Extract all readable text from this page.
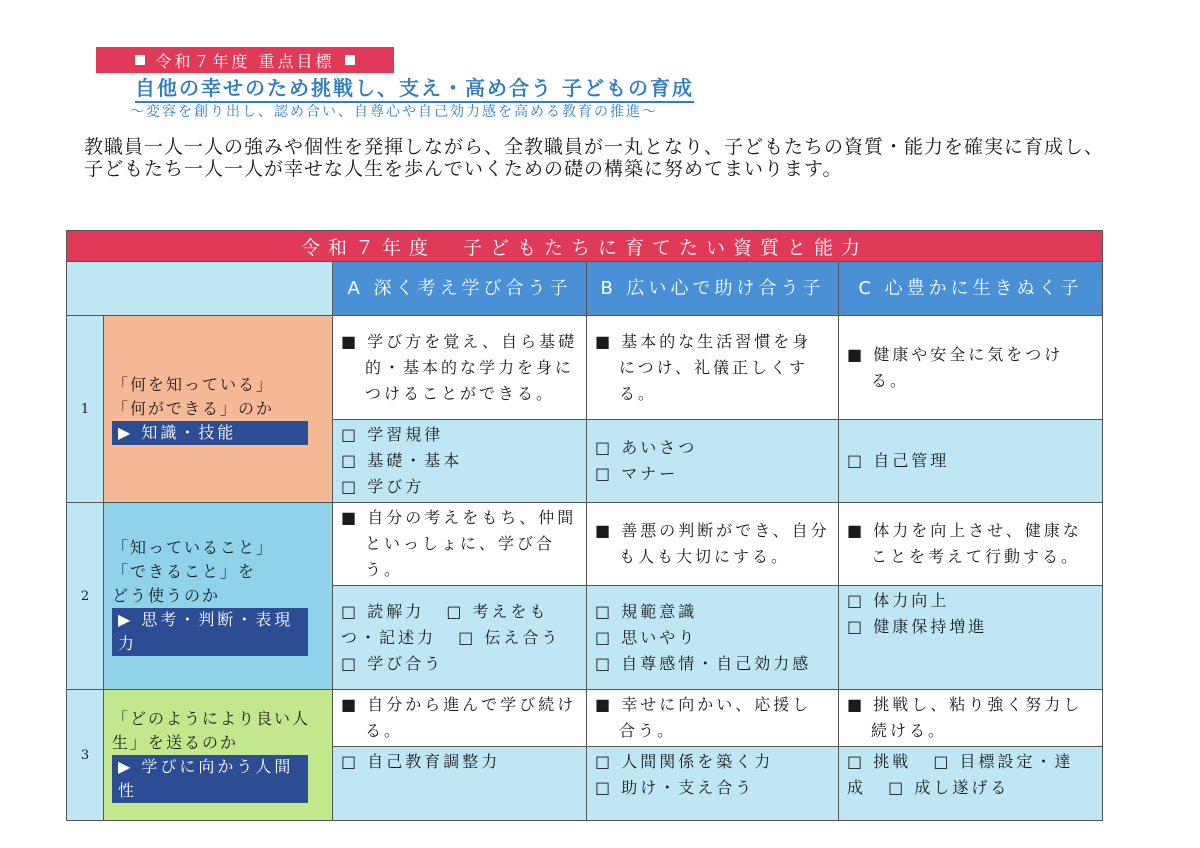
令和７年度 重点目標
自他の幸せのため挑戦し、支え・高め合う 子どもの育成
～変容を創り出し、認め合い、自尊心や自己効力感を高める教育の推進～
教職員一人一人の強みや個性を発揮しながら、全教職員が一丸となり、子どもたちの資質・能力を確実に育成し、子どもたち一人一人が幸せな人生を歩んでいくための礎の構築に努めてまいります。
令和７年度　子どもたちに育てたい資質と能力				
		A 深く考え学び合う子	B 広い心で助け合う子	C 心豊かに生きぬく子
1	「何を知っている」
「何ができる」のか
▶ 知識・技能	■ 学び方を覚え、自ら基礎的・基本的な学力を身につけることができる。	■ 基本的な生活習慣を身につけ、礼儀正しくする。	■ 健康や安全に気をつける。

		□ 学習規律
□ 基礎・基本
□ 学び方	□ あいさつ
□ マナー	□ 自己管理

2	「知っていること」
「できること」を
どう使うのか
▶ 思考・判断・表現力	■ 自分の考えをもち、仲間といっしょに、学び合う。	■ 善悪の判断ができ、自分も人も大切にする。	■ 体力を向上させ、健康なことを考えて行動する。

		□ 読解力 □ 考えをもつ・記述力 □ 伝え合う □ 学び合う	□ 規範意識
□ 思いやり
□ 自尊感情・自己効力感	□ 体力向上
□ 健康保持増進

3	「どのようにより良い人生」を送るのか
▶ 学びに向かう人間性	■ 自分から進んで学び続ける。	■ 幸せに向かい、応援し合う。	■ 挑戦し、粘り強く努力し続ける。

		□ 自己教育調整力	□ 人間関係を築く力
□ 助け・支え合う	□ 挑戦 □ 目標設定・達成 □ 成し遂げる
